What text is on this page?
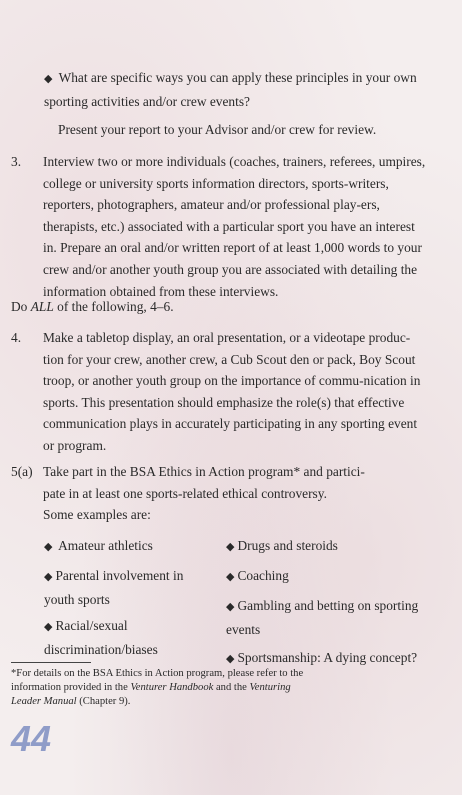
◆ What are specific ways you can apply these principles in your own sporting activities and/or crew events?
Present your report to your Advisor and/or crew for review.
3. Interview two or more individuals (coaches, trainers, referees, umpires, college or university sports information directors, sports-writers, reporters, photographers, amateur and/or professional play-ers, therapists, etc.) associated with a particular sport you have an interest in. Prepare an oral and/or written report of at least 1,000 words to your crew and/or another youth group you are associated with detailing the information obtained from these interviews.
Do ALL of the following, 4–6.
4. Make a tabletop display, an oral presentation, or a videotape produc-tion for your crew, another crew, a Cub Scout den or pack, Boy Scout troop, or another youth group on the importance of commu-nication in sports. This presentation should emphasize the role(s) that effective communication plays in accurately participating in any sporting event or program.
5(a) Take part in the BSA Ethics in Action program* and partici-pate in at least one sports-related ethical controversy.
Some examples are:
◆ Amateur athletics
◆ Parental involvement in youth sports
◆ Racial/sexual discrimination/biases
◆ Drugs and steroids
◆ Coaching
◆ Gambling and betting on sporting events
◆ Sportsmanship: A dying concept?
*For details on the BSA Ethics in Action program, please refer to the information provided in the Venturer Handbook and the Venturing Leader Manual (Chapter 9).
44
